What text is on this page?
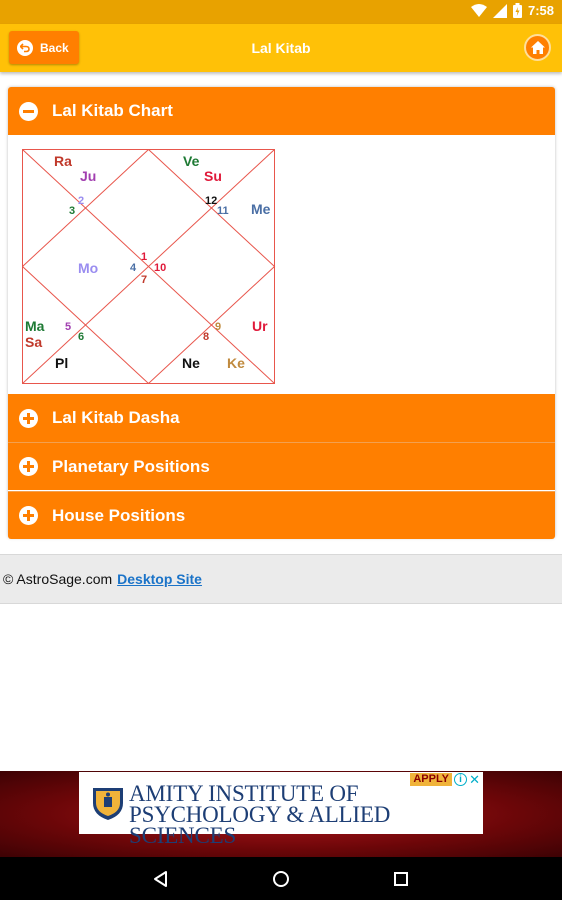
7:58
Back	Lal Kitab
Lal Kitab Chart
1
2
3
4
5
6
7
8
9
10
11
12
Ra
Ju
Ve
Su
Me
Mo
Ma
Sa
Pl	Ne Ke
Ur
Lal Kitab Dasha
Planetary Positions
House Positions
© AstroSage.com Desktop Site
AMITY INSTITUTE OF
PSYCHOLOGY & ALLIED SCIENCES
APPLY	i ✕
